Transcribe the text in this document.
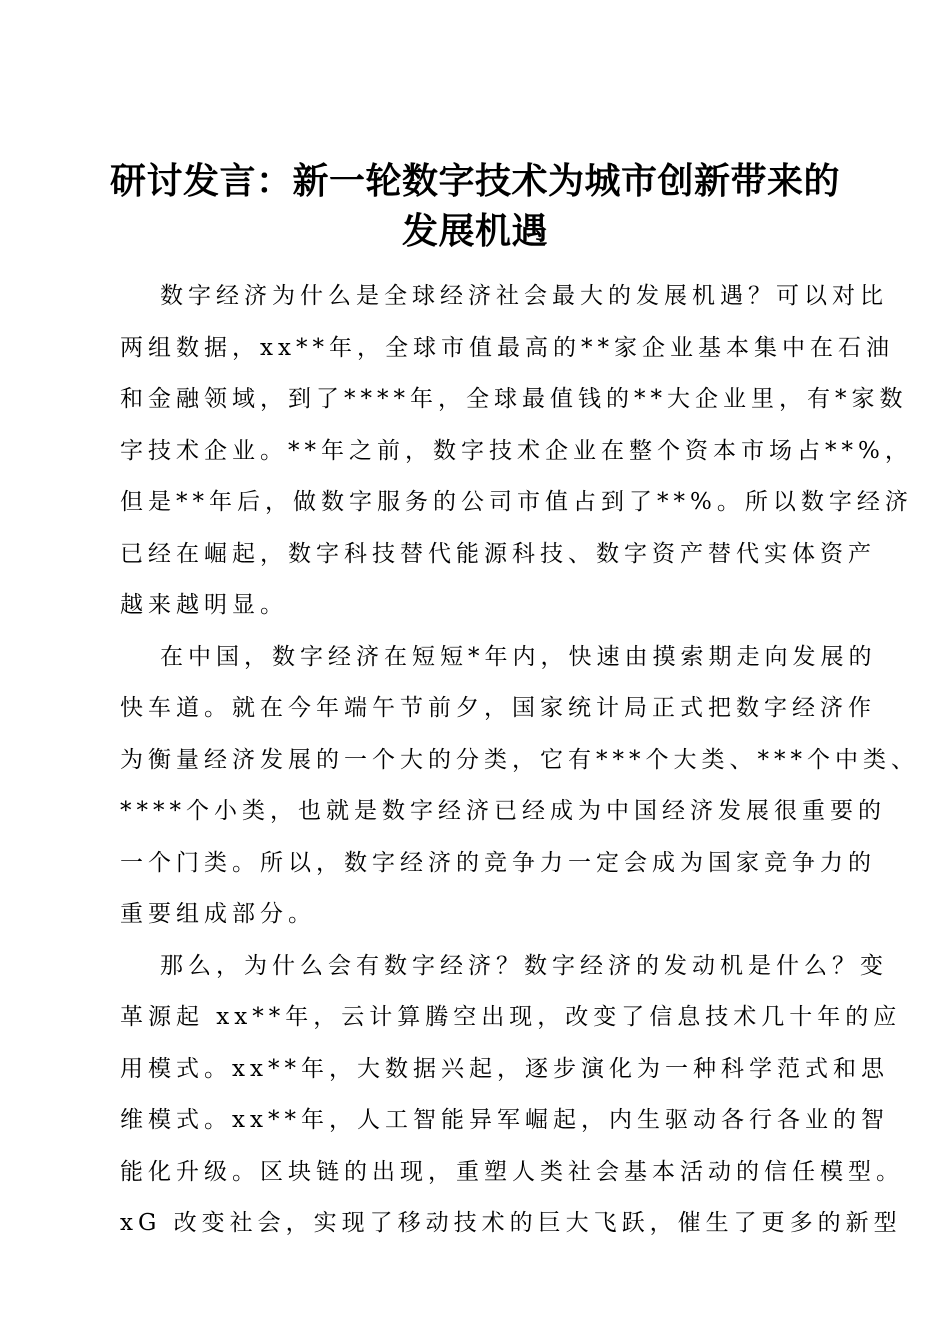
研讨发言：新一轮数字技术为城市创新带来的
发展机遇

数字经济为什么是全球经济社会最大的发展机遇？可以对比

两组数据，xx**年，全球市值最高的**家企业基本集中在石油

和金融领域，到了****年，全球最值钱的**大企业里，有*家数

字技术企业。**年之前，数字技术企业在整个资本市场占**%，

但是**年后，做数字服务的公司市值占到了**%。所以数字经济

已经在崛起，数字科技替代能源科技、数字资产替代实体资产

越来越明显。

在中国，数字经济在短短*年内，快速由摸索期走向发展的

快车道。就在今年端午节前夕，国家统计局正式把数字经济作

为衡量经济发展的一个大的分类，它有***个大类、***个中类、

****个小类，也就是数字经济已经成为中国经济发展很重要的

一个门类。所以，数字经济的竞争力一定会成为国家竞争力的

重要组成部分。

那么，为什么会有数字经济？数字经济的发动机是什么？变

革源起 xx**年，云计算腾空出现，改变了信息技术几十年的应

用模式。xx**年，大数据兴起，逐步演化为一种科学范式和思

维模式。xx**年，人工智能异军崛起，内生驱动各行各业的智

能化升级。区块链的出现，重塑人类社会基本活动的信任模型。

xG 改变社会，实现了移动技术的巨大飞跃，催生了更多的新型
